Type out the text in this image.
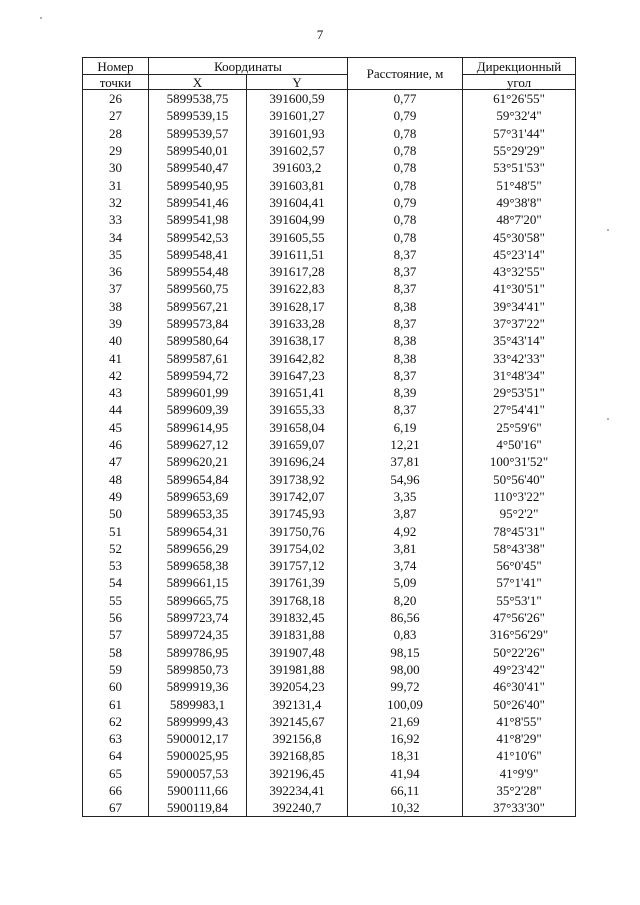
7
Номер	Координаты		Расстояние, м	Дирекционный
точки	X	Y		угол
26	5899538,75	391600,59	0,77	61°26'55"
27	5899539,15	391601,27	0,79	59°32'4"
28	5899539,57	391601,93	0,78	57°31'44"
29	5899540,01	391602,57	0,78	55°29'29"
30	5899540,47	391603,2	0,78	53°51'53"
31	5899540,95	391603,81	0,78	51°48'5"
32	5899541,46	391604,41	0,79	49°38'8"
33	5899541,98	391604,99	0,78	48°7'20"
34	5899542,53	391605,55	0,78	45°30'58"
35	5899548,41	391611,51	8,37	45°23'14"
36	5899554,48	391617,28	8,37	43°32'55"
37	5899560,75	391622,83	8,37	41°30'51"
38	5899567,21	391628,17	8,38	39°34'41"
39	5899573,84	391633,28	8,37	37°37'22"
40	5899580,64	391638,17	8,38	35°43'14"
41	5899587,61	391642,82	8,38	33°42'33"
42	5899594,72	391647,23	8,37	31°48'34"
43	5899601,99	391651,41	8,39	29°53'51"
44	5899609,39	391655,33	8,37	27°54'41"
45	5899614,95	391658,04	6,19	25°59'6"
46	5899627,12	391659,07	12,21	4°50'16"
47	5899620,21	391696,24	37,81	100°31'52"
48	5899654,84	391738,92	54,96	50°56'40"
49	5899653,69	391742,07	3,35	110°3'22"
50	5899653,35	391745,93	3,87	95°2'2"
51	5899654,31	391750,76	4,92	78°45'31"
52	5899656,29	391754,02	3,81	58°43'38"
53	5899658,38	391757,12	3,74	56°0'45"
54	5899661,15	391761,39	5,09	57°1'41"
55	5899665,75	391768,18	8,20	55°53'1"
56	5899723,74	391832,45	86,56	47°56'26"
57	5899724,35	391831,88	0,83	316°56'29"
58	5899786,95	391907,48	98,15	50°22'26"
59	5899850,73	391981,88	98,00	49°23'42"
60	5899919,36	392054,23	99,72	46°30'41"
61	5899983,1	392131,4	100,09	50°26'40"
62	5899999,43	392145,67	21,69	41°8'55"
63	5900012,17	392156,8	16,92	41°8'29"
64	5900025,95	392168,85	18,31	41°10'6"
65	5900057,53	392196,45	41,94	41°9'9"
66	5900111,66	392234,41	66,11	35°2'28"
67	5900119,84	392240,7	10,32	37°33'30"
